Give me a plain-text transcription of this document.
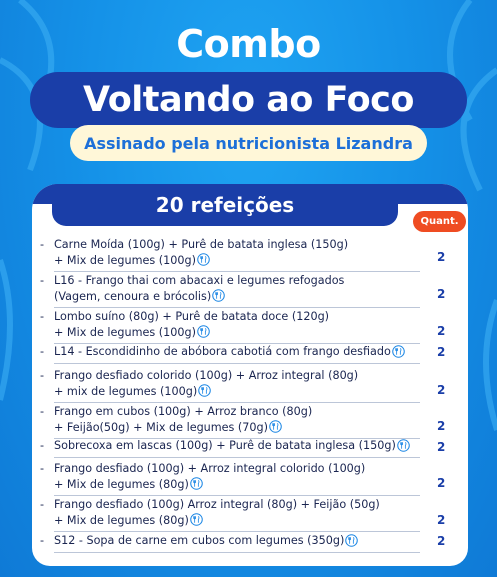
Combo
Voltando ao Foco
Assinado pela nutricionista Lizandra
20 refeições
Quant.
- Carne Moída (100g) + Purê de batata inglesa (150g)
+ Mix de legumes (100g)	2
- L16 - Frango thai com abacaxi e legumes refogados
(Vagem, cenoura e brócolis)	2
- Lombo suíno (80g) + Purê de batata doce (120g)
+ Mix de legumes (100g)	2
- L14 - Escondidinho de abóbora cabotiá com frango desfiado	2
- Frango desfiado colorido (100g) + Arroz integral (80g)
+ mix de legumes (100g)	2
- Frango em cubos (100g) + Arroz branco (80g)
+ Feijão(50g) + Mix de legumes (70g)	2
- Sobrecoxa em lascas (100g) + Purê de batata inglesa (150g)	2
- Frango desfiado (100g) + Arroz integral colorido (100g)
+ Mix de legumes (80g)	2
- Frango desfiado (100g) Arroz integral (80g) + Feijão (50g)
+ Mix de legumes (80g)	2
- S12 - Sopa de carne em cubos com legumes (350g)	2
